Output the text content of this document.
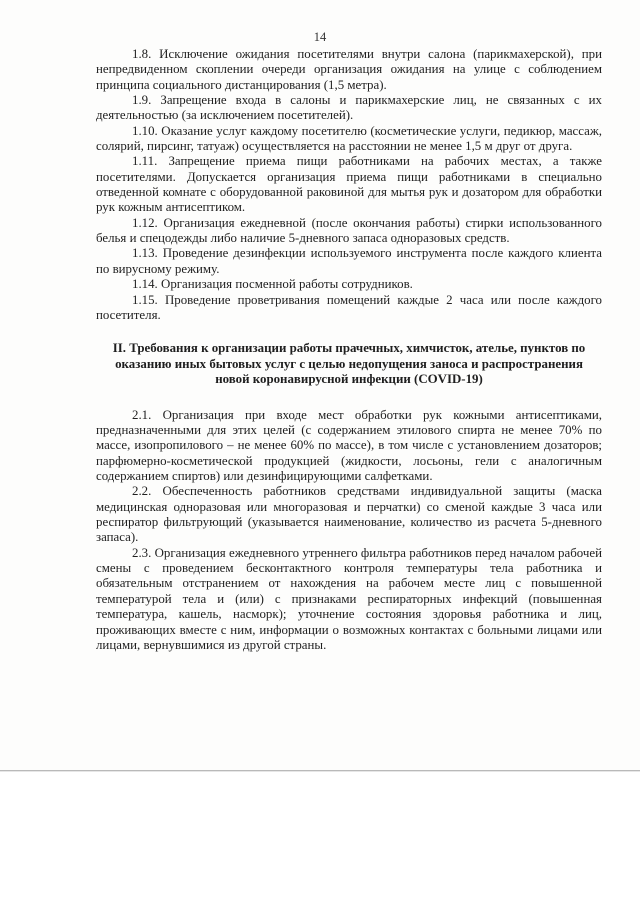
14

1.8. Исключение ожидания посетителями внутри салона (парикмахерской), при непредвиденном скоплении очереди организация ожидания на улице с соблюдением принципа социального дистанцирования (1,5 метра).

1.9. Запрещение входа в салоны и парикмахерские лиц, не связанных с их деятельностью (за исключением посетителей).

1.10. Оказание услуг каждому посетителю (косметические услуги, педикюр, массаж, солярий, пирсинг, татуаж) осуществляется на расстоянии не менее 1,5 м друг от друга.

1.11. Запрещение приема пищи работниками на рабочих местах, а также посетителями. Допускается организация приема пищи работниками в специально отведенной комнате с оборудованной раковиной для мытья рук и дозатором для обработки рук кожным антисептиком.

1.12. Организация ежедневной (после окончания работы) стирки использованного белья и спецодежды либо наличие 5-дневного запаса одноразовых средств.

1.13. Проведение дезинфекции используемого инструмента после каждого клиента по вирусному режиму.

1.14. Организация посменной работы сотрудников.

1.15. Проведение проветривания помещений каждые 2 часа или после каждого посетителя.

II. Требования к организации работы прачечных, химчисток, ателье, пунктов по оказанию иных бытовых услуг с целью недопущения заноса и распространения новой коронавирусной инфекции (COVID-19)

2.1. Организация при входе мест обработки рук кожными антисептиками, предназначенными для этих целей (с содержанием этилового спирта не менее 70% по массе, изопропилового – не менее 60% по массе), в том числе с установлением дозаторов; парфюмерно-косметической продукцией (жидкости, лосьоны, гели с аналогичным содержанием спиртов) или дезинфицирующими салфетками.

2.2. Обеспеченность работников средствами индивидуальной защиты (маска медицинская одноразовая или многоразовая и перчатки) со сменой каждые 3 часа или респиратор фильтрующий (указывается наименование, количество из расчета 5-дневного запаса).

2.3. Организация ежедневного утреннего фильтра работников перед началом рабочей смены с проведением бесконтактного контроля температуры тела работника и обязательным отстранением от нахождения на рабочем месте лиц с повышенной температурой тела и (или) с признаками респираторных инфекций (повышенная температура, кашель, насморк); уточнение состояния здоровья работника и лиц, проживающих вместе с ним, информации о возможных контактах с больными лицами или лицами, вернувшимися из другой страны.
